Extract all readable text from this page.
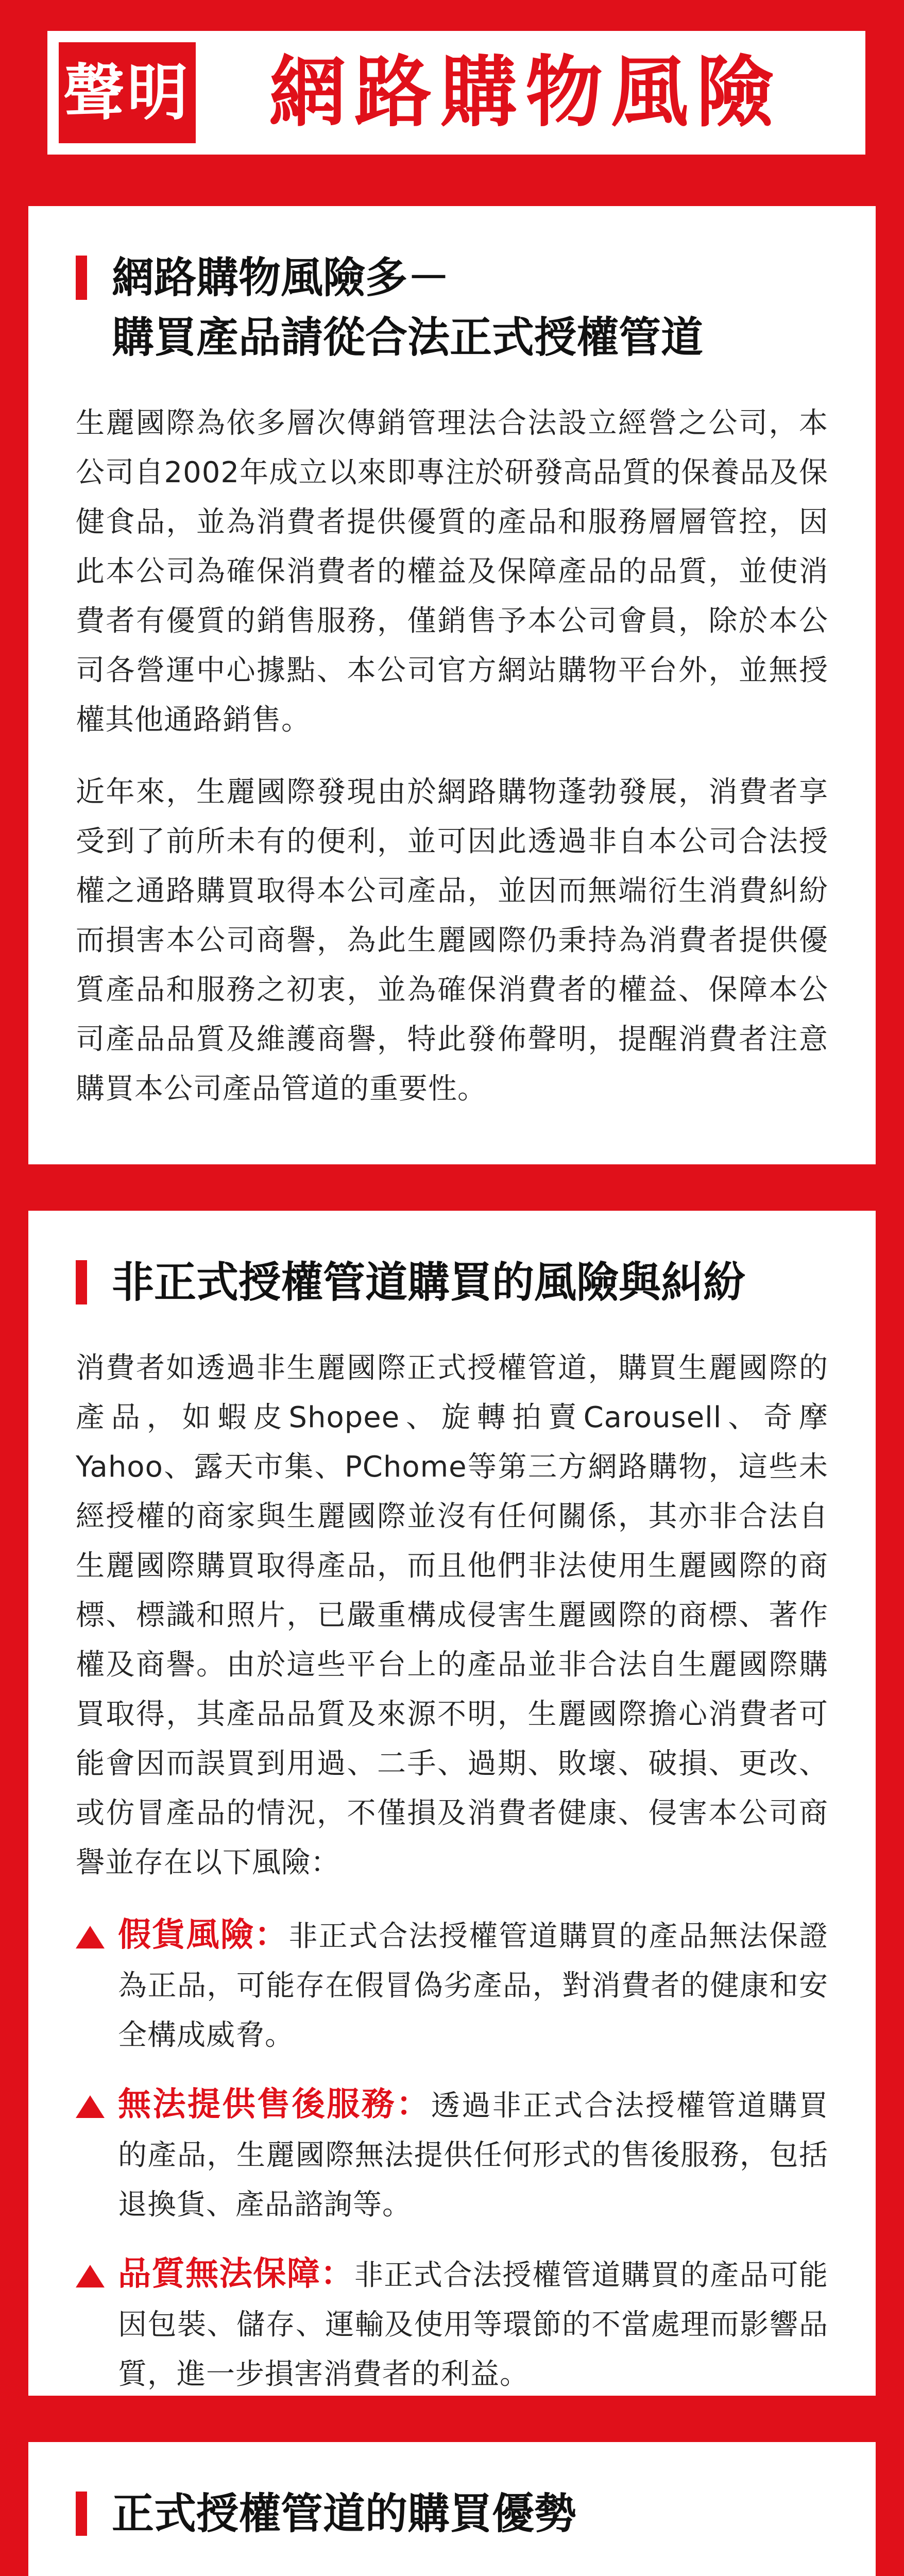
網路購物風險
聲明
網路購物風險多－
購買產品請從合法正式授權管道

生麗國際為依多層次傳銷管理法合法設立經營之公司，本公司自2002年成立以來即專注於研發高品質的保養品及保健食品，並為消費者提供優質的產品和服務層層管控，因此本公司為確保消費者的權益及保障產品的品質，並使消費者有優質的銷售服務，僅銷售予本公司會員，除於本公司各營運中心據點、本公司官方網站購物平台外，並無授權其他通路銷售。

近年來，生麗國際發現由於網路購物蓬勃發展，消費者享受到了前所未有的便利，並可因此透過非自本公司合法授權之通路購買取得本公司產品，並因而無端衍生消費糾紛而損害本公司商譽，為此生麗國際仍秉持為消費者提供優質產品和服務之初衷，並為確保消費者的權益、保障本公司產品品質及維護商譽，特此發佈聲明，提醒消費者注意購買本公司產品管道的重要性。

非正式授權管道購買的風險與糾紛

消費者如透過非生麗國際正式授權管道，購買生麗國際的產品，如蝦皮Shopee、旋轉拍賣Carousell、奇摩Yahoo、露天市集、PChome等第三方網路購物，這些未經授權的商家與生麗國際並沒有任何關係，其亦非合法自生麗國際購買取得產品，而且他們非法使用生麗國際的商標、標識和照片，已嚴重構成侵害生麗國際的商標、著作權及商譽。由於這些平台上的產品並非合法自生麗國際購買取得，其產品品質及來源不明，生麗國際擔心消費者可能會因而誤買到用過、二手、過期、敗壞、破損、更改、或仿冒產品的情況，不僅損及消費者健康、侵害本公司商譽並存在以下風險：

假貨風險：非正式合法授權管道購買的產品無法保證為正品，可能存在假冒偽劣產品，對消費者的健康和安全構成威脅。
無法提供售後服務：透過非正式合法授權管道購買的產品，生麗國際無法提供任何形式的售後服務，包括退換貨、產品諮詢等。
品質無法保障：非正式合法授權管道購買的產品可能因包裝、儲存、運輸及使用等環節的不當處理而影響品質，進一步損害消費者的利益。
正式授權管道的購買優勢
